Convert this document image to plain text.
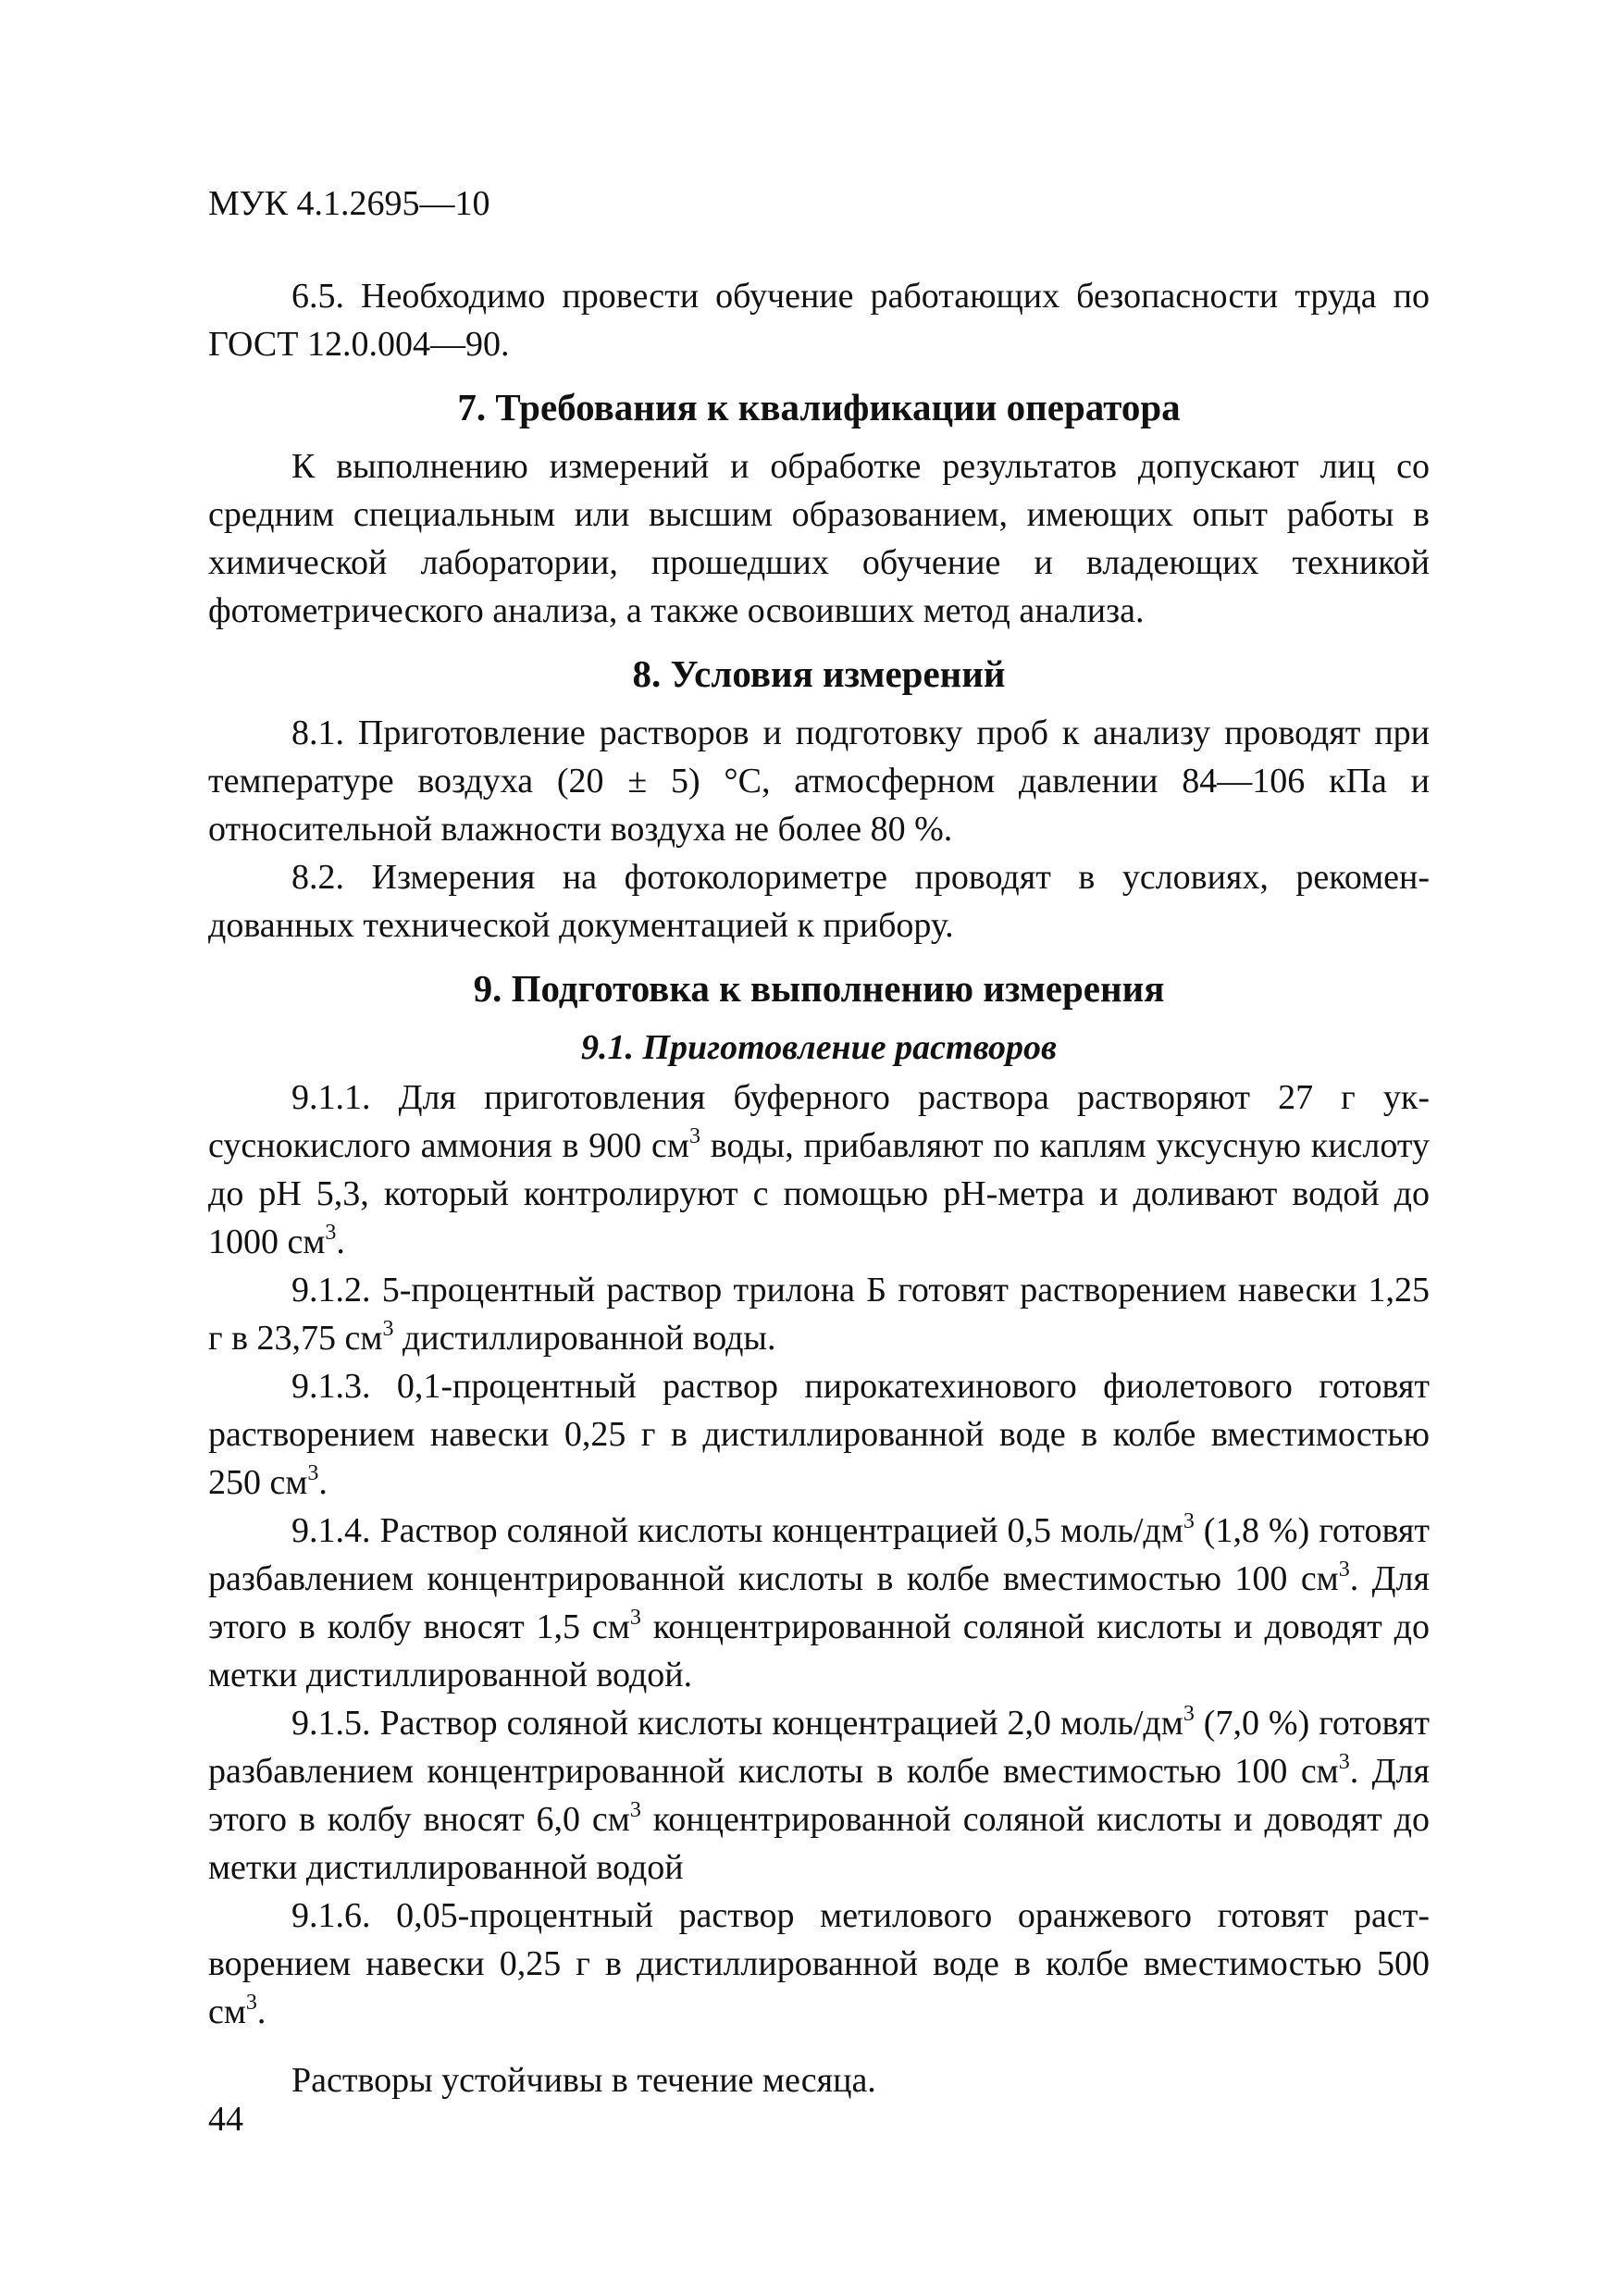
МУК 4.1.2695—10

6.5. Необходимо провести обучение работающих безопасности труда по ГОСТ 12.0.004—90.

7. Требования к квалификации оператора

К выполнению измерений и обработке результатов допускают лиц со средним специальным или высшим образованием, имеющих опыт работы в химической лаборатории, прошедших обучение и владеющих техникой фотометрического анализа, а также освоивших метод анализа.

8. Условия измерений

8.1. Приготовление растворов и подготовку проб к анализу проводят при температуре воздуха (20 ± 5) °С, атмосферном давлении 84—106 кПа и относительной влажности воздуха не более 80 %.

8.2. Измерения на фотоколориметре проводят в условиях, рекомендованных технической документацией к прибору.

9. Подготовка к выполнению измерения
9.1. Приготовление растворов

9.1.1. Для приготовления буферного раствора растворяют 27 г уксуснокислого аммония в 900 $см^3$ воды, прибавляют по каплям уксусную кислоту до рН 5,3, который контролируют с помощью рН-метра и доливают водой до 1000 $см^3$.

9.1.2. 5-процентный раствор трилона Б готовят растворением навески 1,25 г в 23,75 $см^3$ дистиллированной воды.

9.1.3. 0,1-процентный раствор пирокатехинового фиолетового готовят растворением навески 0,25 г в дистиллированной воде в колбе вместимостью 250 $см^3$.

9.1.4. Раствор соляной кислоты концентрацией 0,5 моль/$дм^3$ (1,8 %) готовят разбавлением концентрированной кислоты в колбе вместимостью 100 $см^3$. Для этого в колбу вносят 1,5 $см^3$ концентрированной соляной кислоты и доводят до метки дистиллированной водой.

9.1.5. Раствор соляной кислоты концентрацией 2,0 моль/$дм^3$ (7,0 %) готовят разбавлением концентрированной кислоты в колбе вместимостью 100 $см^3$. Для этого в колбу вносят 6,0 $см^3$ концентрированной соляной кислоты и доводят до метки дистиллированной водой

9.1.6. 0,05-процентный раствор метилового оранжевого готовят растворением навески 0,25 г в дистиллированной воде в колбе вместимостью 500 $см^3$.

Растворы устойчивы в течение месяца.

44
